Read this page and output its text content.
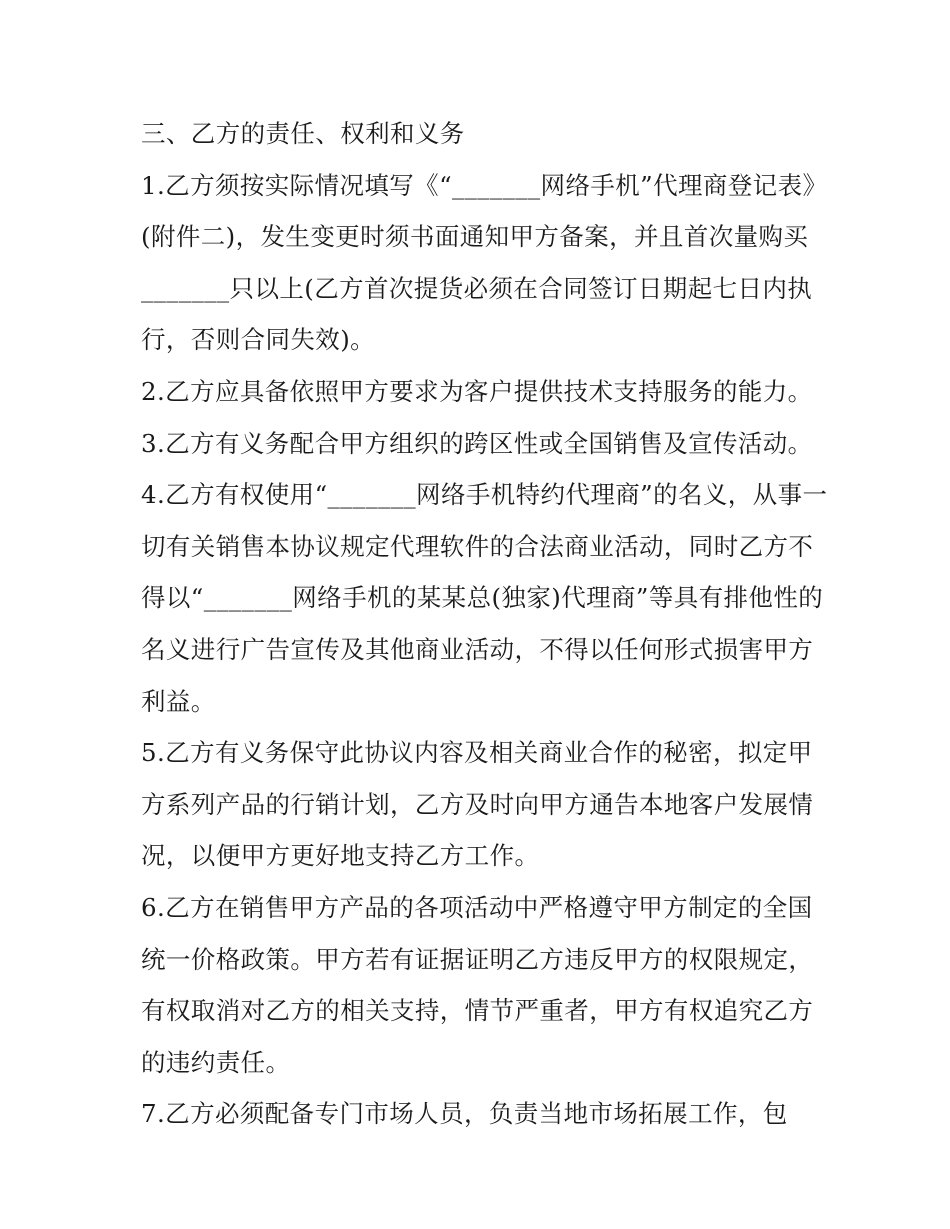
三、乙方的责任、权利和义务
1.乙方须按实际情况填写《“_______网络手机”代理商登记表》
(附件二)，发生变更时须书面通知甲方备案，并且首次量购买
_______只以上(乙方首次提货必须在合同签订日期起七日内执
行，否则合同失效)。
2.乙方应具备依照甲方要求为客户提供技术支持服务的能力。
3.乙方有义务配合甲方组织的跨区性或全国销售及宣传活动。
4.乙方有权使用“_______网络手机特约代理商”的名义，从事一
切有关销售本协议规定代理软件的合法商业活动，同时乙方不
得以“_______网络手机的某某总(独家)代理商”等具有排他性的
名义进行广告宣传及其他商业活动，不得以任何形式损害甲方
利益。
5.乙方有义务保守此协议内容及相关商业合作的秘密，拟定甲
方系列产品的行销计划，乙方及时向甲方通告本地客户发展情
况，以便甲方更好地支持乙方工作。
6.乙方在销售甲方产品的各项活动中严格遵守甲方制定的全国
统一价格政策。甲方若有证据证明乙方违反甲方的权限规定，
有权取消对乙方的相关支持，情节严重者，甲方有权追究乙方
的违约责任。
7.乙方必须配备专门市场人员，负责当地市场拓展工作，包
